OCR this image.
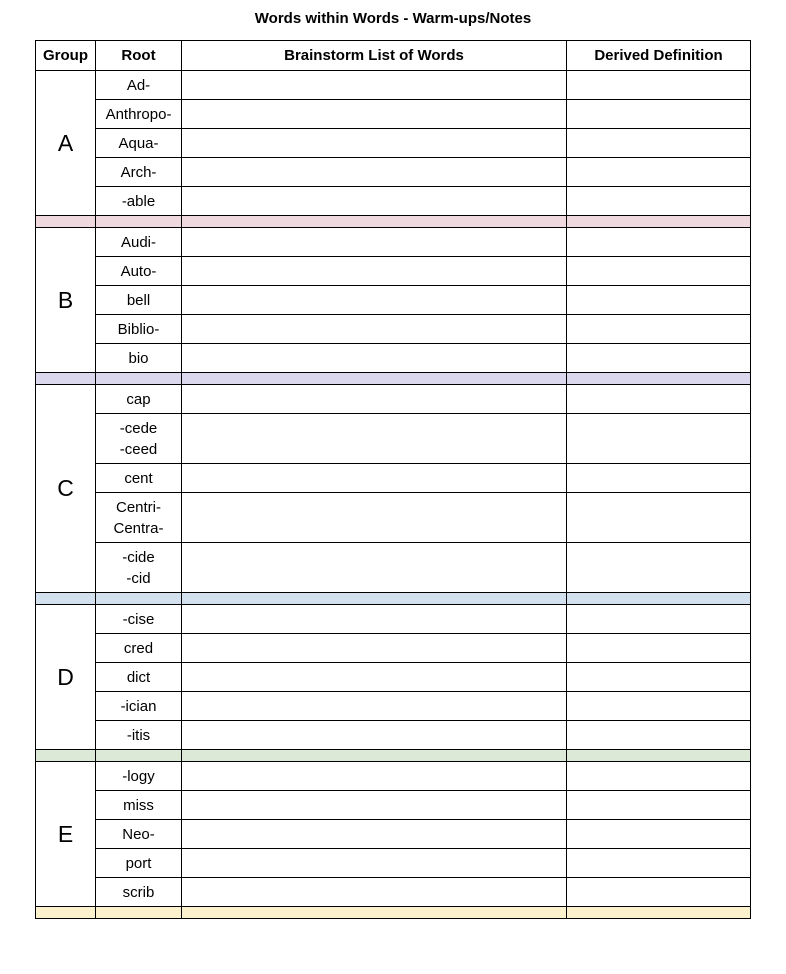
Words within Words - Warm-ups/Notes
Group	Root	Brainstorm List of Words	Derived Definition
A	Ad-		

	Anthropo-		

	Aqua-		

	Arch-		

	-able		

B	Audi-		

	Auto-		

	bell		

	Biblio-		

	bio		

C	cap		

	-cede
-ceed		

	cent		

	Centri-
Centra-		

	-cide
-cid		

D	-cise		

	cred		

	dict		

	-ician		

	-itis		

E	-logy		

	miss		

	Neo-		

	port		

	scrib		
